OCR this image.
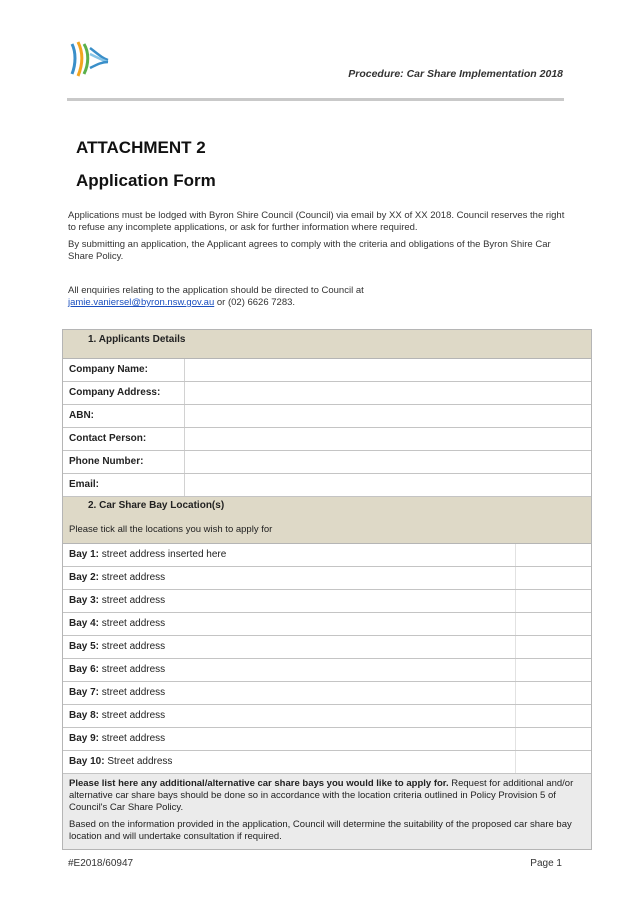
Procedure: Car Share Implementation 2018
ATTACHMENT 2
Application Form
Applications must be lodged with Byron Shire Council (Council) via email by XX of XX 2018. Council reserves the right to refuse any incomplete applications, or ask for further information where required.
By submitting an application, the Applicant agrees to comply with the criteria and obligations of the Byron Shire Car Share Policy.
All enquiries relating to the application should be directed to Council at
jamie.vaniersel@byron.nsw.gov.au or (02) 6626 7283.
1. Applicants Details
Company Name:
Company Address:
ABN:
Contact Person:
Phone Number:
Email:
2. Car Share Bay Location(s)
Please tick all the locations you wish to apply for
Bay 1: street address inserted here
Bay 2: street address
Bay 3: street address
Bay 4: street address
Bay 5: street address
Bay 6: street address
Bay 7: street address
Bay 8: street address
Bay 9: street address
Bay 10: Street address

Please list here any additional/alternative car share bays you would like to apply for. Request for additional and/or alternative car share bays should be done so in accordance with the location criteria outlined in Policy Provision 5 of Council's Car Share Policy.

Based on the information provided in the application, Council will determine the suitability of the proposed car share bay location and will undertake consultation if required.

#E2018/60947	Page 1
